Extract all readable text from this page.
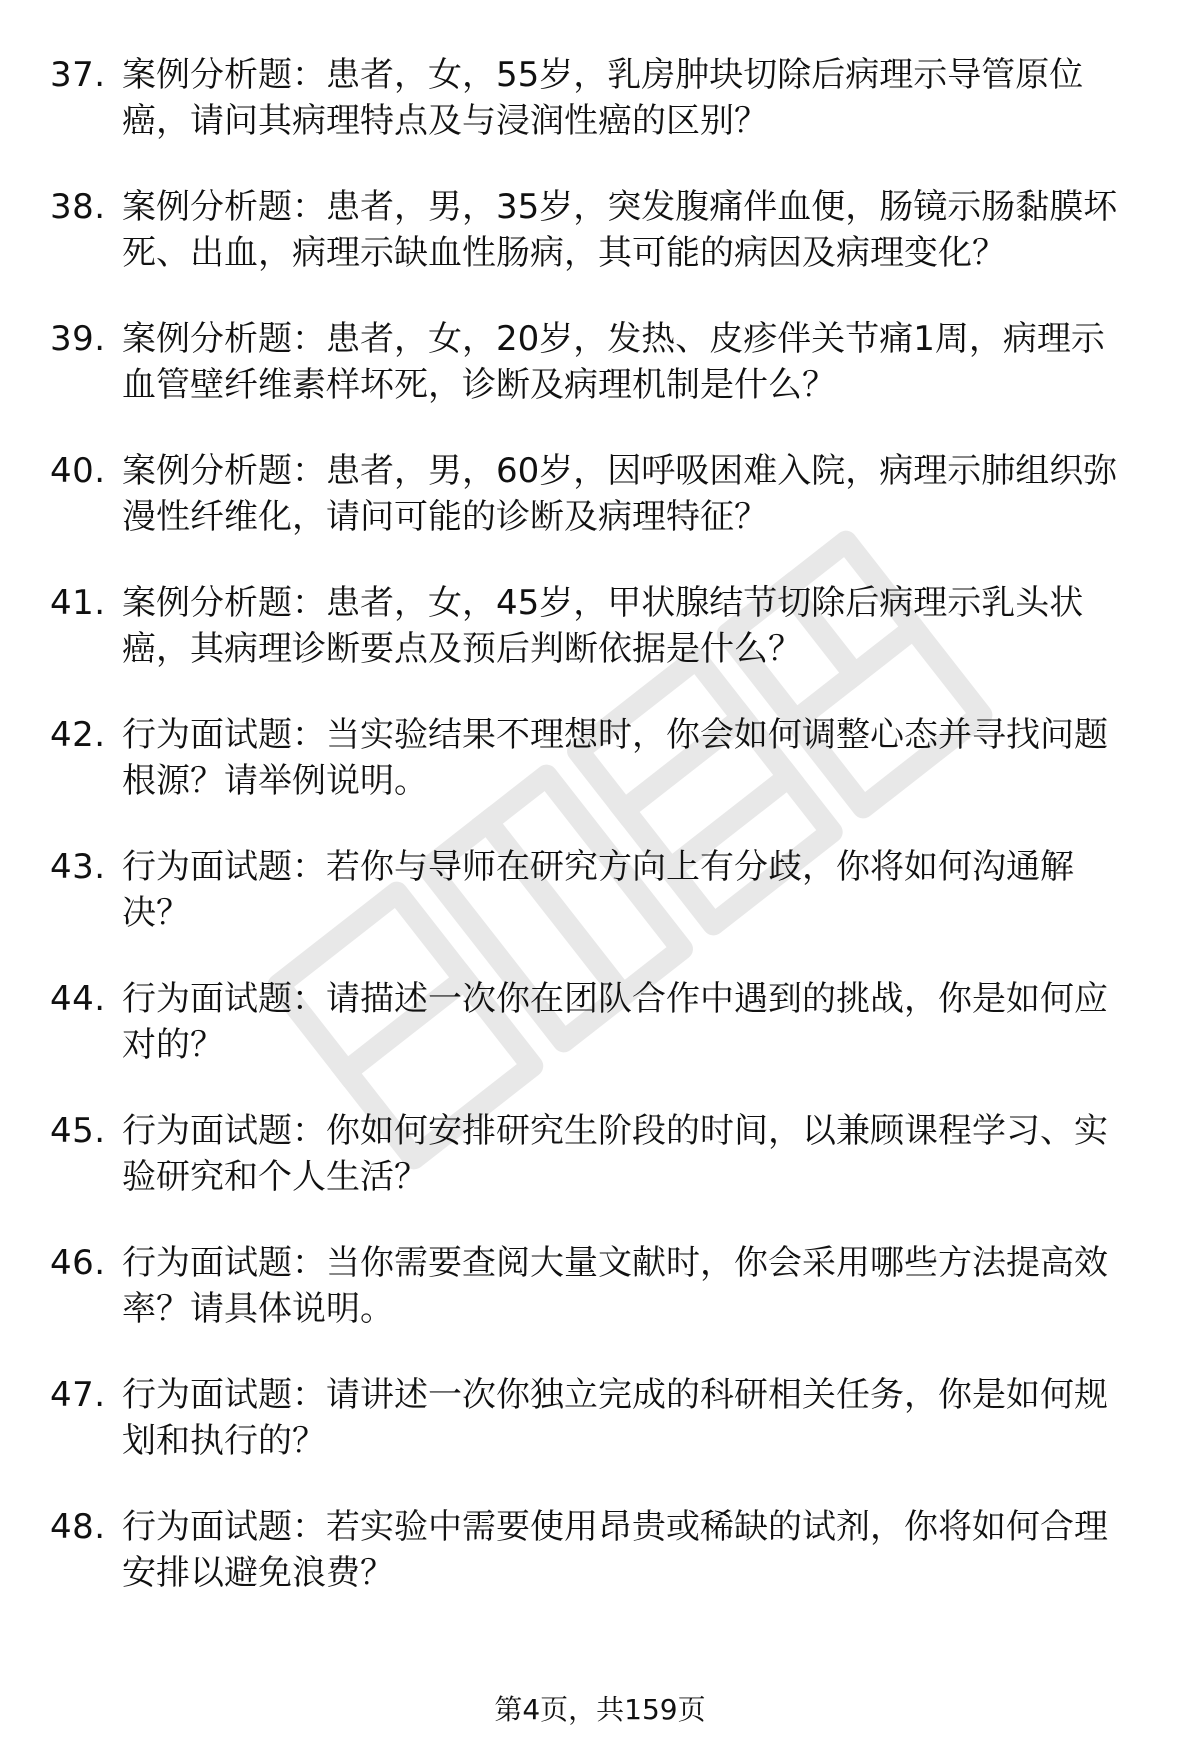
37. 案例分析题：患者，女，55岁，乳房肿块切除后病理示导管原位癌，请问其病理特点及与浸润性癌的区别？

38. 案例分析题：患者，男，35岁，突发腹痛伴血便，肠镜示肠黏膜坏死、出血，病理示缺血性肠病，其可能的病因及病理变化？

39. 案例分析题：患者，女，20岁，发热、皮疹伴关节痛1周，病理示血管壁纤维素样坏死，诊断及病理机制是什么？

40. 案例分析题：患者，男，60岁，因呼吸困难入院，病理示肺组织弥漫性纤维化，请问可能的诊断及病理特征？

41. 案例分析题：患者，女，45岁，甲状腺结节切除后病理示乳头状癌，其病理诊断要点及预后判断依据是什么？

42. 行为面试题：当实验结果不理想时，你会如何调整心态并寻找问题根源？请举例说明。

43. 行为面试题：若你与导师在研究方向上有分歧，你将如何沟通解决？

44. 行为面试题：请描述一次你在团队合作中遇到的挑战，你是如何应对的？

45. 行为面试题：你如何安排研究生阶段的时间，以兼顾课程学习、实验研究和个人生活？

46. 行为面试题：当你需要查阅大量文献时，你会采用哪些方法提高效率？请具体说明。

47. 行为面试题：请讲述一次你独立完成的科研相关任务，你是如何规划和执行的？

48. 行为面试题：若实验中需要使用昂贵或稀缺的试剂，你将如何合理安排以避免浪费？

第4页，共159页
